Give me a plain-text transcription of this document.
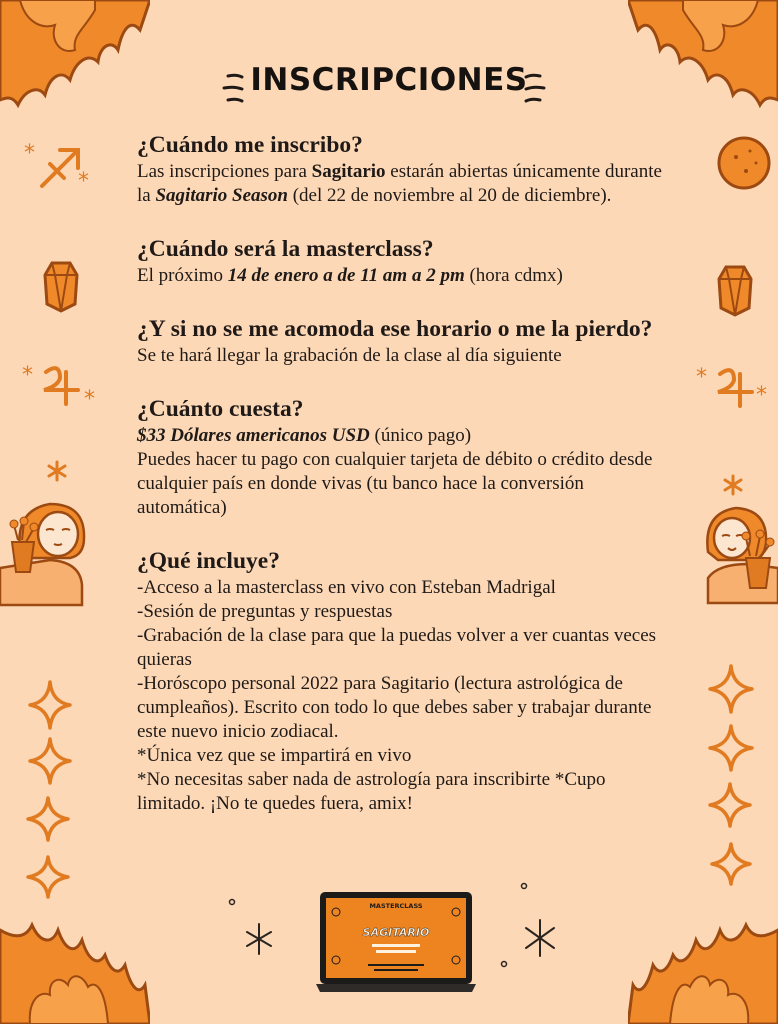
INSCRIPCIONES
*
*
*
*
*
*

¿Cuándo me inscribo?

Las inscripciones para Sagitario estarán abiertas únicamente durante la Sagitario Season (del 22 de noviembre al 20 de diciembre).

¿Cuándo será la masterclass?

El próximo 14 de enero a de 11 am a 2 pm (hora cdmx)

¿Y si no se me acomoda ese horario o me la pierdo?

Se te hará llegar la grabación de la clase al día siguiente

¿Cuánto cuesta?

$33 Dólares americanos USD (único pago)

Puedes hacer tu pago con cualquier tarjeta de débito o crédito desde cualquier país en donde vivas (tu banco hace la conversión automática)

¿Qué incluye?

-Acceso a la masterclass en vivo con Esteban Madrigal

-Sesión de preguntas y respuestas

-Grabación de la clase para que la puedas volver a ver cuantas veces quieras

-Horóscopo personal 2022 para Sagitario (lectura astrológica de cumpleaños). Escrito con todo lo que debes saber y trabajar durante este nuevo inicio zodiacal.

*Única vez que se impartirá en vivo

*No necesitas saber nada de astrología para inscribirte *Cupo limitado. ¡No te quedes fuera, amix!

MASTERCLASS
SAGITARIO
